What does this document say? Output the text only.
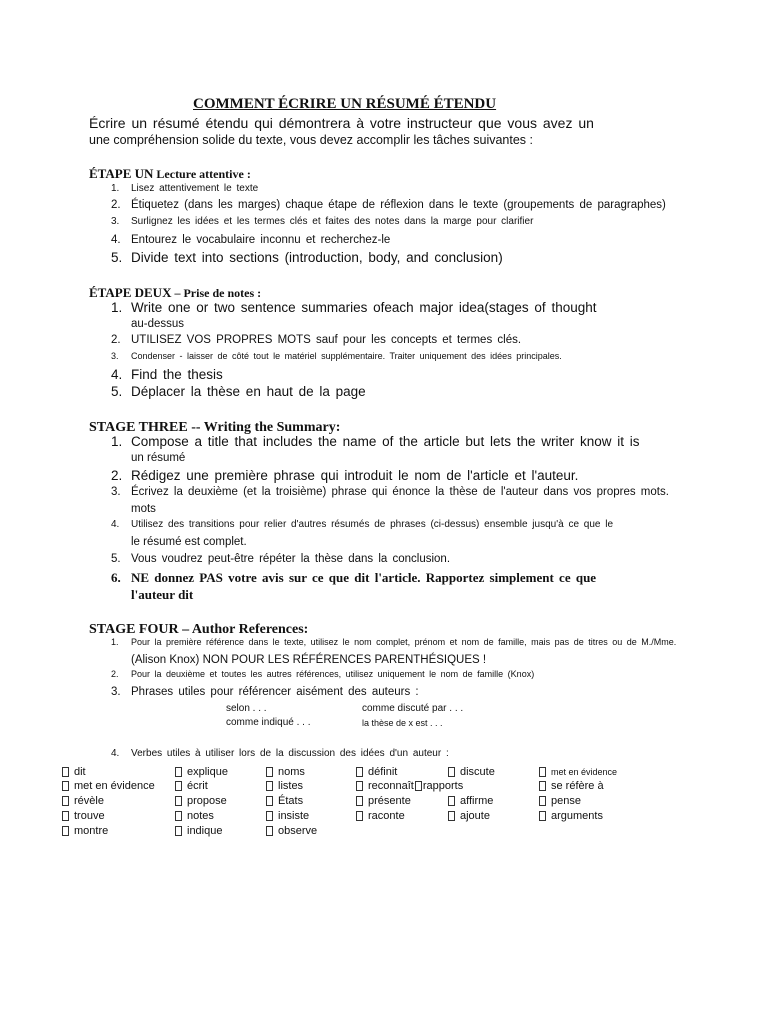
COMMENT ÉCRIRE UN RÉSUMÉ ÉTENDU
Écrire un résumé étendu qui démontrera à votre instructeur que vous avez un
une compréhension solide du texte, vous devez accomplir les tâches suivantes :
ÉTAPE UN Lecture attentive :
1. Lisez attentivement le texte
2. Étiquetez (dans les marges) chaque étape de réflexion dans le texte (groupements de paragraphes)
3. Surlignez les idées et les termes clés et faites des notes dans la marge pour clarifier
4. Entourez le vocabulaire inconnu et recherchez-le
5. Divide text into sections (introduction, body, and conclusion)
ÉTAPE DEUX – Prise de notes :
1. Write one or two sentence summaries ofeach major idea(stages of thought
au-dessus
2. UTILISEZ VOS PROPRES MOTS sauf pour les concepts et termes clés.
3. Condenser - laisser de côté tout le matériel supplémentaire. Traiter uniquement des idées principales.
4. Find the thesis
5. Déplacer la thèse en haut de la page
STAGE THREE -- Writing the Summary:
1. Compose a title that includes the name of the article but lets the writer know it is
un résumé
2. Rédigez une première phrase qui introduit le nom de l'article et l'auteur.
3. Écrivez la deuxième (et la troisième) phrase qui énonce la thèse de l'auteur dans vos propres mots.
mots
4. Utilisez des transitions pour relier d'autres résumés de phrases (ci-dessus) ensemble jusqu'à ce que le
le résumé est complet.
5. Vous voudrez peut-être répéter la thèse dans la conclusion.
6. NE donnez PAS votre avis sur ce que dit l'article. Rapportez simplement ce que
l'auteur dit
STAGE FOUR – Author References:
1. Pour la première référence dans le texte, utilisez le nom complet, prénom et nom de famille, mais pas de titres ou de M./Mme.
(Alison Knox) NON POUR LES RÉFÉRENCES PARENTHÉSIQUES !
2. Pour la deuxième et toutes les autres références, utilisez uniquement le nom de famille (Knox)
3. Phrases utiles pour référencer aisément des auteurs :
selon . . .	comme discuté par . . .
comme indiqué . . .	la thèse de x est . . .
4. Verbes utiles à utiliser lors de la discussion des idées d'un auteur :
dit
met en évidence
révèle
trouve
montre
explique
écrit
propose
notes
indique
noms
listes
États
insiste
observe
définit
reconnaît rapports
présente
raconte
discute
affirme
ajoute
met en évidence
se réfère à
pense
arguments
